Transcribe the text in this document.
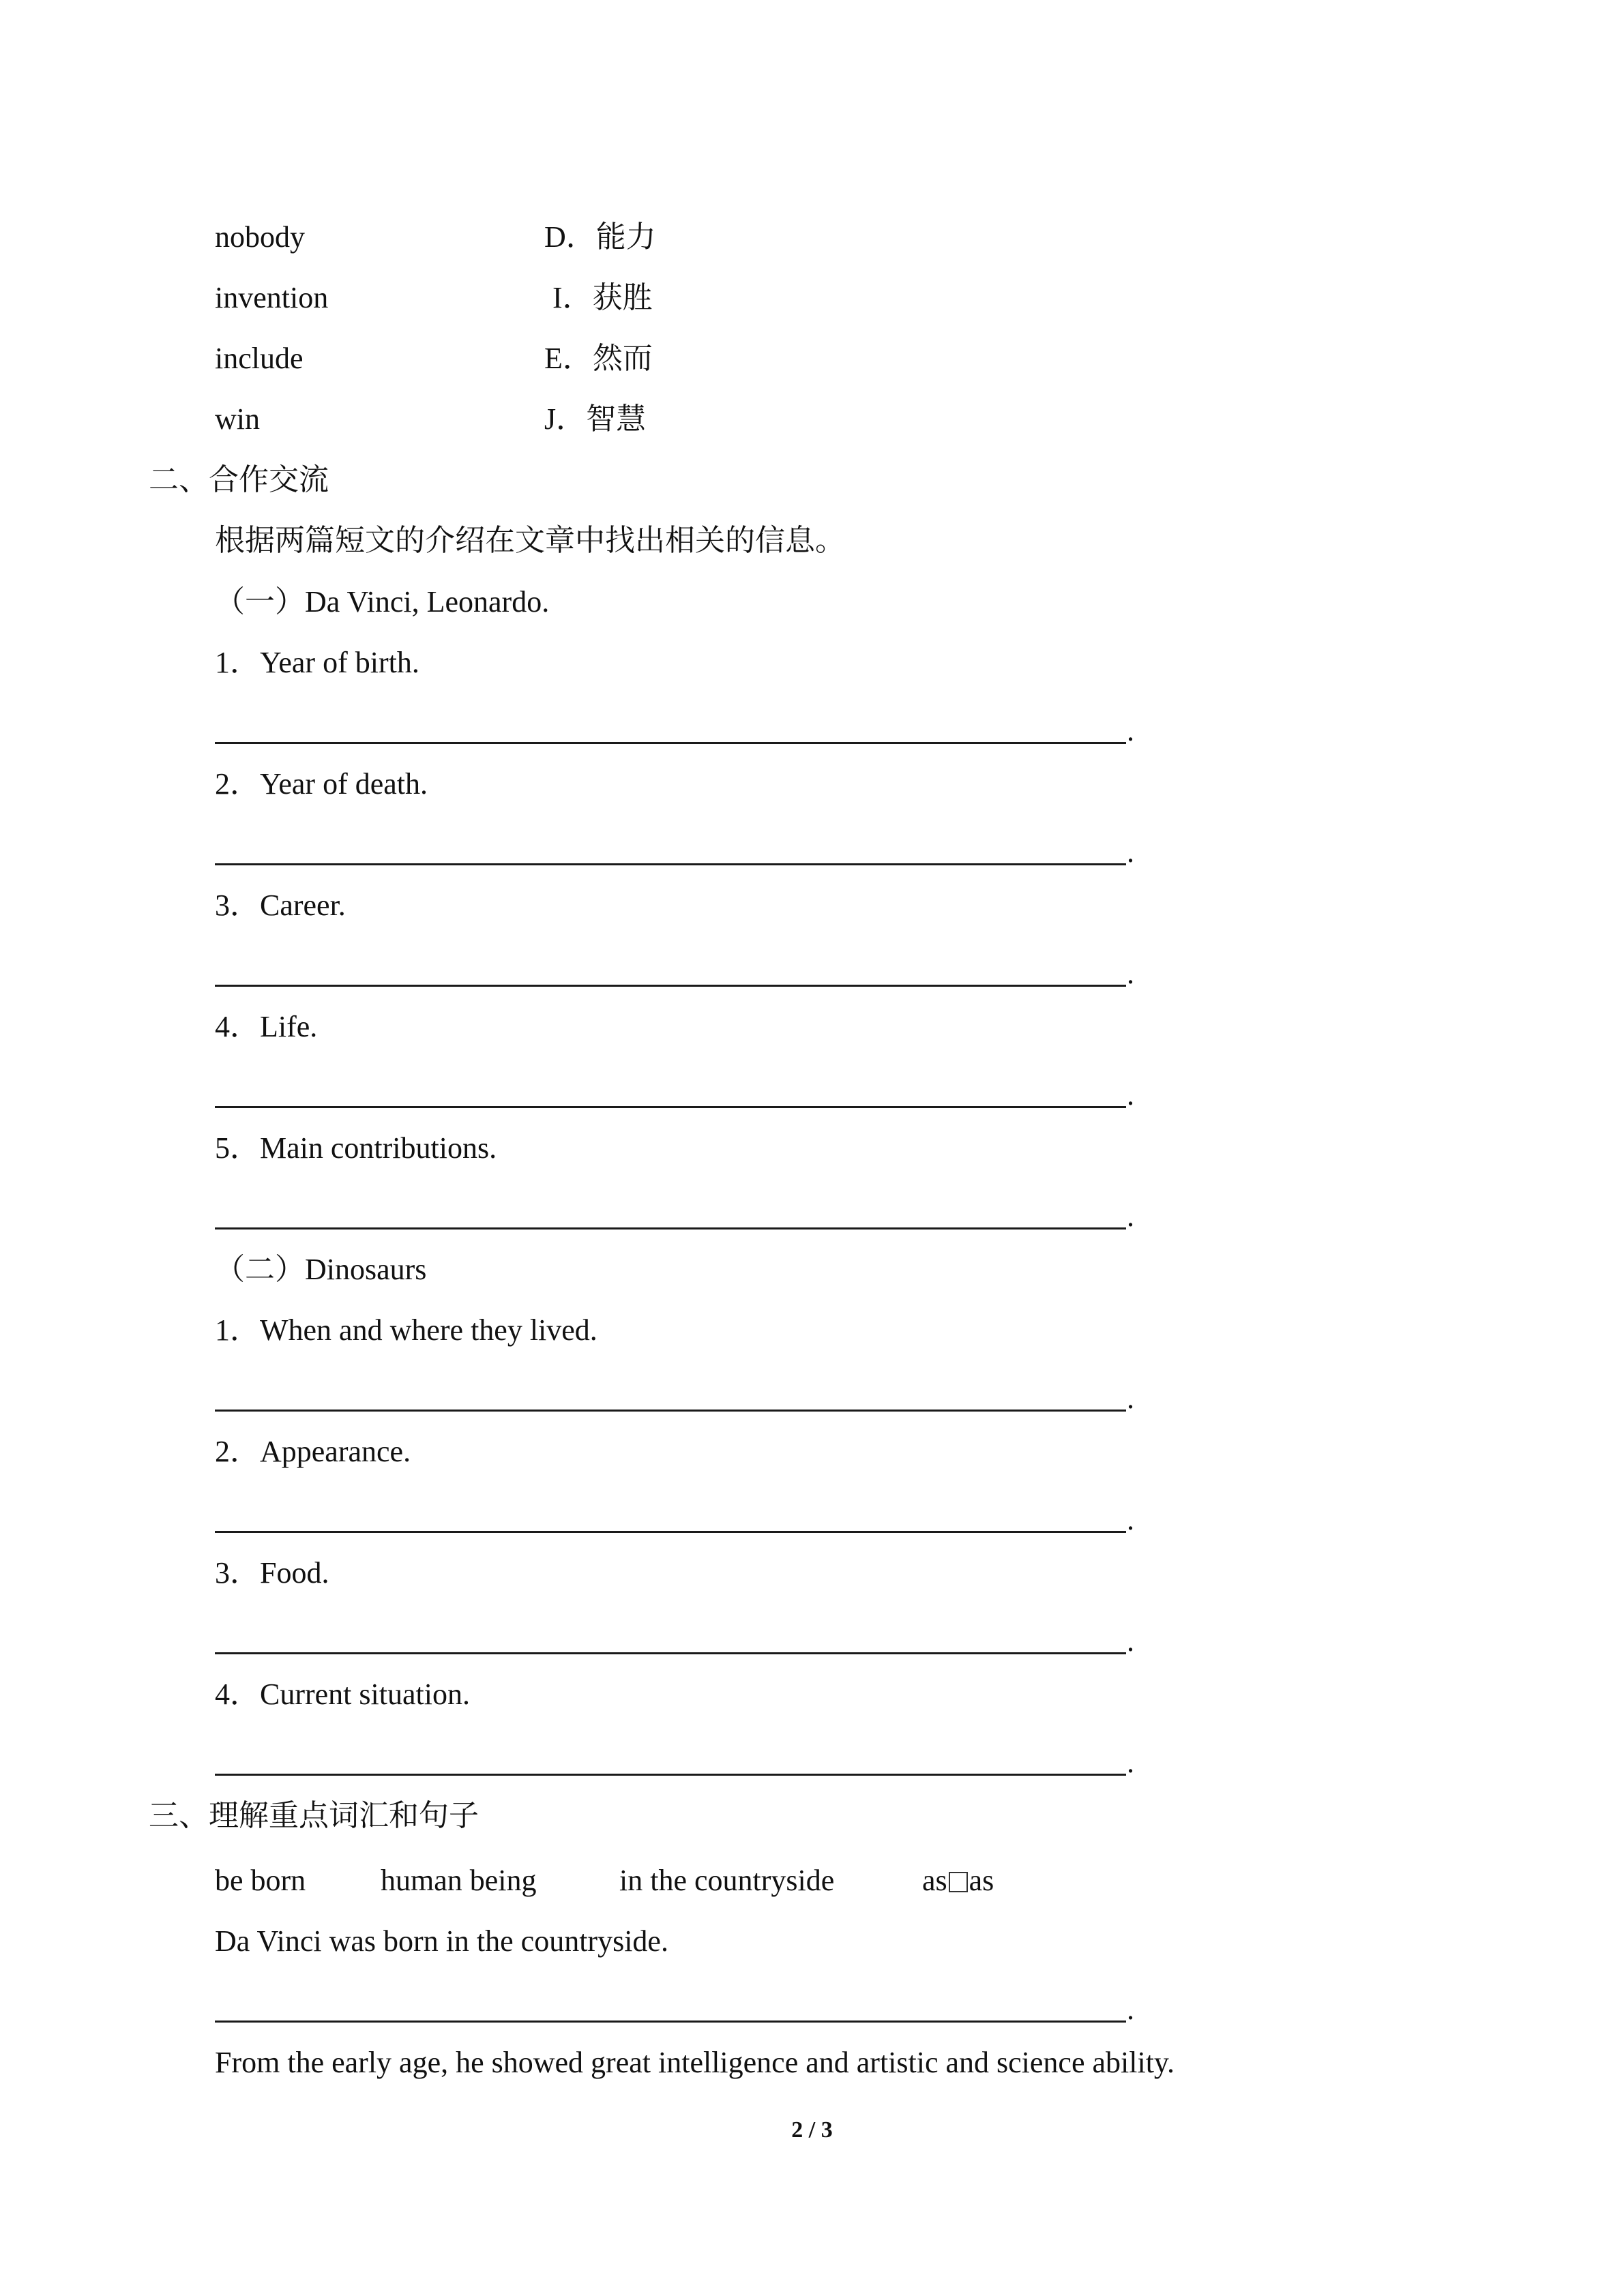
nobody	D．能力
invention	I．获胜
include	E．然而
win	J．智慧
二、合作交流
根据两篇短文的介绍在文章中找出相关的信息。
（一）Da Vinci, Leonardo.
1．Year of birth.
.
2．Year of death.
.
3．Career.
.
4．Life.
.
5．Main contributions.
.
（二）Dinosaurs
1．When and where they lived.
.
2．Appearance.
.
3．Food.
.
4．Current situation.
.
三、理解重点词汇和句子
be born human being	in the countryside	as as
Da Vinci was born in the countryside.
.
From the early age, he showed great intelligence and artistic and science ability.
2 / 3
